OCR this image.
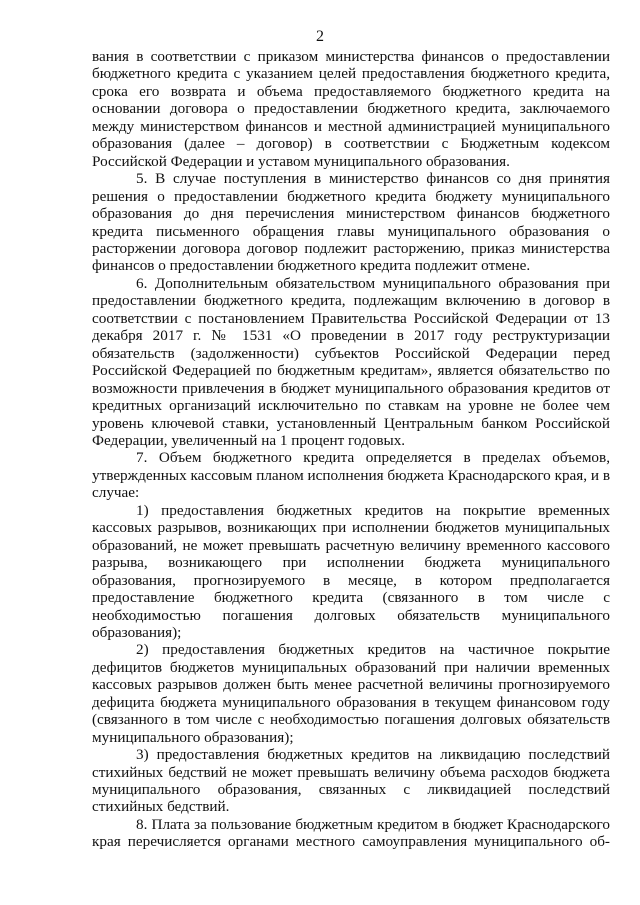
2

вания в соответствии с приказом министерства финансов о предоставлении бюджетного кредита с указанием целей предоставления бюджетного кредита, срока его возврата и объема предоставляемого бюджетного кредита на основании договора о предоставлении бюджетного кредита, заключаемого между министерством финансов и местной администрацией муниципального образования (далее – договор) в соответствии с Бюджетным кодексом Российской Федерации и уставом муниципального образования.

5. В случае поступления в министерство финансов со дня принятия решения о предоставлении бюджетного кредита бюджету муниципального образования до дня перечисления министерством финансов бюджетного кредита письменного обращения главы муниципального образования о расторжении договора договор подлежит расторжению, приказ министерства финансов о предоставлении бюджетного кредита подлежит отмене.

6. Дополнительным обязательством муниципального образования при предоставлении бюджетного кредита, подлежащим включению в договор в соответствии с постановлением Правительства Российской Федерации от 13 декабря 2017 г. № 1531 «О проведении в 2017 году реструктуризации обязательств (задолженности) субъектов Российской Федерации перед Российской Федерацией по бюджетным кредитам», является обязательство по возможности привлечения в бюджет муниципального образования кредитов от кредитных организаций исключительно по ставкам на уровне не более чем уровень ключевой ставки, установленный Центральным банком Российской Федерации, увеличенный на 1 процент годовых.

7. Объем бюджетного кредита определяется в пределах объемов, утвержденных кассовым планом исполнения бюджета Краснодарского края, и в случае:

1) предоставления бюджетных кредитов на покрытие временных кассовых разрывов, возникающих при исполнении бюджетов муниципальных образований, не может превышать расчетную величину временного кассового разрыва, возникающего при исполнении бюджета муниципального образования, прогнозируемого в месяце, в котором предполагается предоставление бюджетного кредита (связанного в том числе с необходимостью погашения долговых обязательств муниципального образования);

2) предоставления бюджетных кредитов на частичное покрытие дефицитов бюджетов муниципальных образований при наличии временных кассовых разрывов должен быть менее расчетной величины прогнозируемого дефицита бюджета муниципального образования в текущем финансовом году (связанного в том числе с необходимостью погашения долговых обязательств муниципального образования);

3) предоставления бюджетных кредитов на ликвидацию последствий стихийных бедствий не может превышать величину объема расходов бюджета муниципального образования, связанных с ликвидацией последствий стихийных бедствий.

8. Плата за пользование бюджетным кредитом в бюджет Краснодарского края перечисляется органами местного самоуправления муниципального об-
